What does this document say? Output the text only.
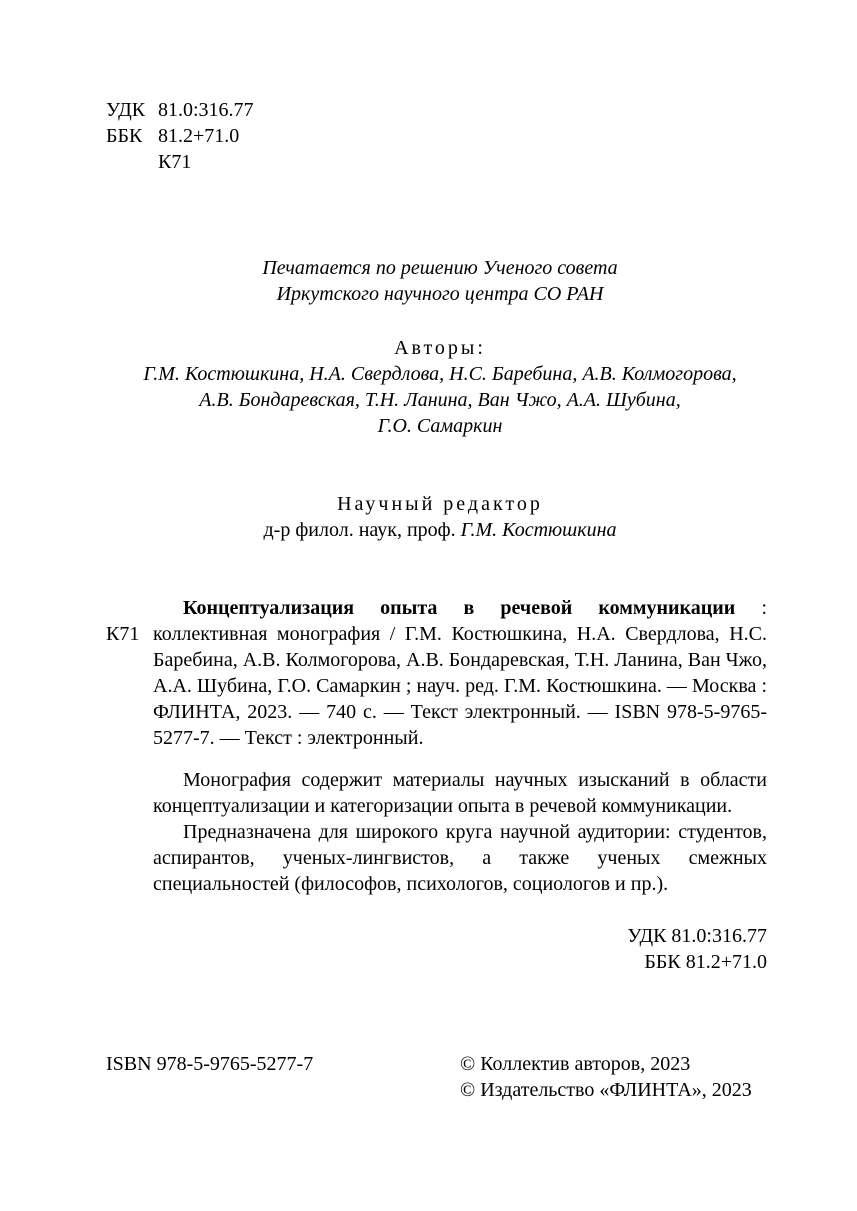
УДК 81.0:316.77
ББК 81.2+71.0
К71
Печатается по решению Ученого совета
Иркутского научного центра СО РАН
Авторы:
Г.М. Костюшкина, Н.А. Свердлова, Н.С. Баребина, А.В. Колмогорова,
А.В. Бондаревская, Т.Н. Ланина, Ван Чжо, А.А. Шубина,
Г.О. Самаркин
Научный редактор
д-р филол. наук, проф. Г.М. Костюшкина
К71

Концептуализация опыта в речевой коммуникации : коллективная монография / Г.М. Костюшкина, Н.А. Свердлова, Н.С. Баребина, А.В. Колмогорова, А.В. Бондаревская, Т.Н. Ланина, Ван Чжо, А.А. Шубина, Г.О. Самаркин ; науч. ред. Г.М. Костюшкина. — Москва : ФЛИНТА, 2023. — 740 с. — Текст электронный. — ISBN 978-5-9765-5277-7. — Текст : электронный.

Монография содержит материалы научных изысканий в области концептуализации и категоризации опыта в речевой коммуникации.

Предназначена для широкого круга научной аудитории: студентов, аспирантов, ученых-лингвистов, а также ученых смежных специальностей (философов, психологов, социологов и пр.).

УДК 81.0:316.77
ББК 81.2+71.0
ISBN 978-5-9765-5277-7	© Коллектив авторов, 2023
© Издательство «ФЛИНТА», 2023
